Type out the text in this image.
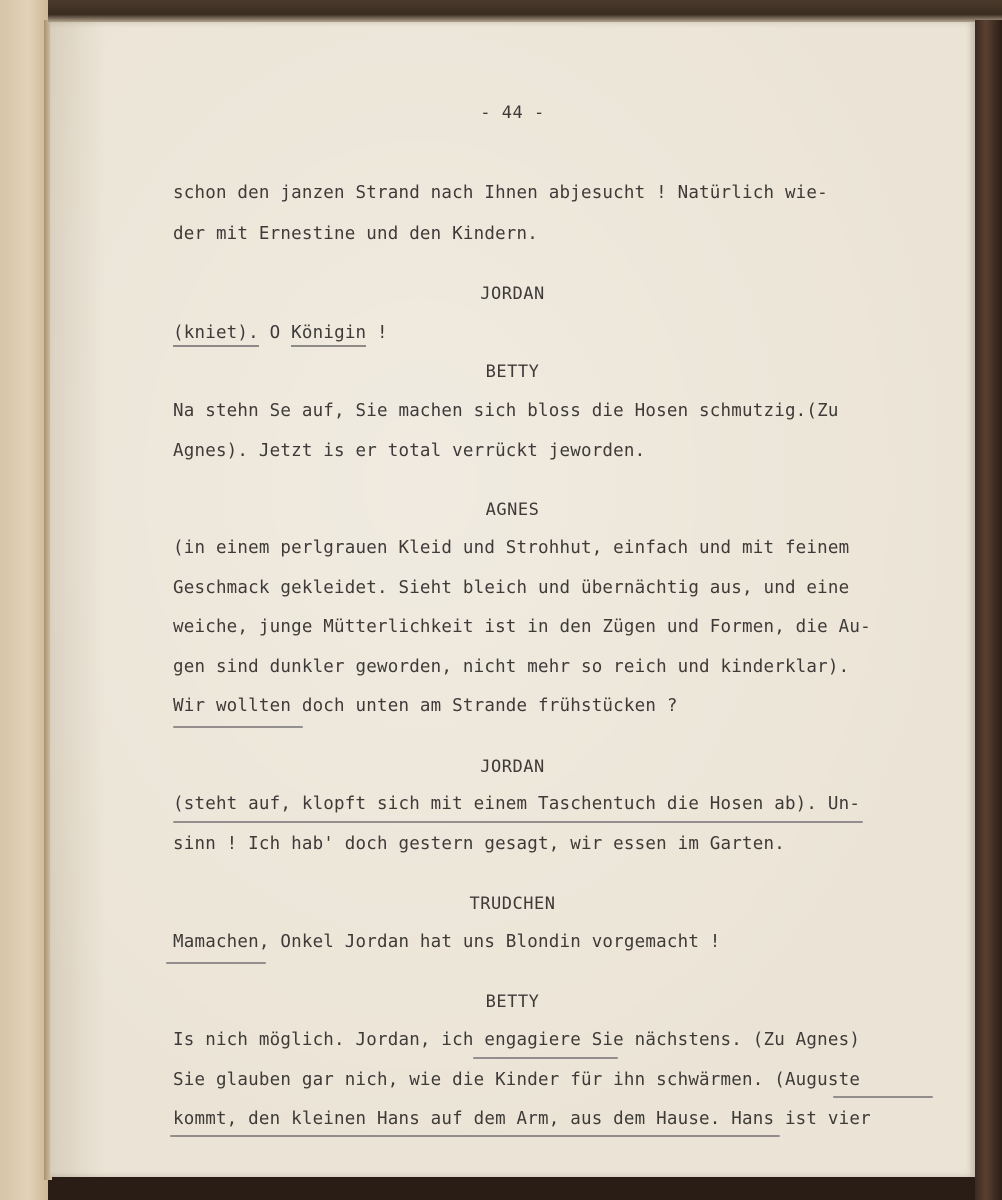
- 44 -
schon den janzen Strand nach Ihnen abjesucht ! Natürlich wie-
der mit Ernestine und den Kindern.
JORDAN
(kniet). O Königin !
BETTY
Na stehn Se auf, Sie machen sich bloss die Hosen schmutzig.(Zu
Agnes). Jetzt is er total verrückt jeworden.
AGNES
(in einem perlgrauen Kleid und Strohhut, einfach und mit feinem
Geschmack gekleidet. Sieht bleich und übernächtig aus, und eine
weiche, junge Mütterlichkeit ist in den Zügen und Formen, die Au-
gen sind dunkler geworden, nicht mehr so reich und kinderklar).
Wir wollten doch unten am Strande frühstücken ?
JORDAN
(steht auf, klopft sich mit einem Taschentuch die Hosen ab). Un-
sinn ! Ich hab' doch gestern gesagt, wir essen im Garten.
TRUDCHEN
Mamachen, Onkel Jordan hat uns Blondin vorgemacht !
BETTY
Is nich möglich. Jordan, ich engagiere Sie nächstens. (Zu Agnes)
Sie glauben gar nich, wie die Kinder für ihn schwärmen. (Auguste
kommt, den kleinen Hans auf dem Arm, aus dem Hause. Hans ist vier
